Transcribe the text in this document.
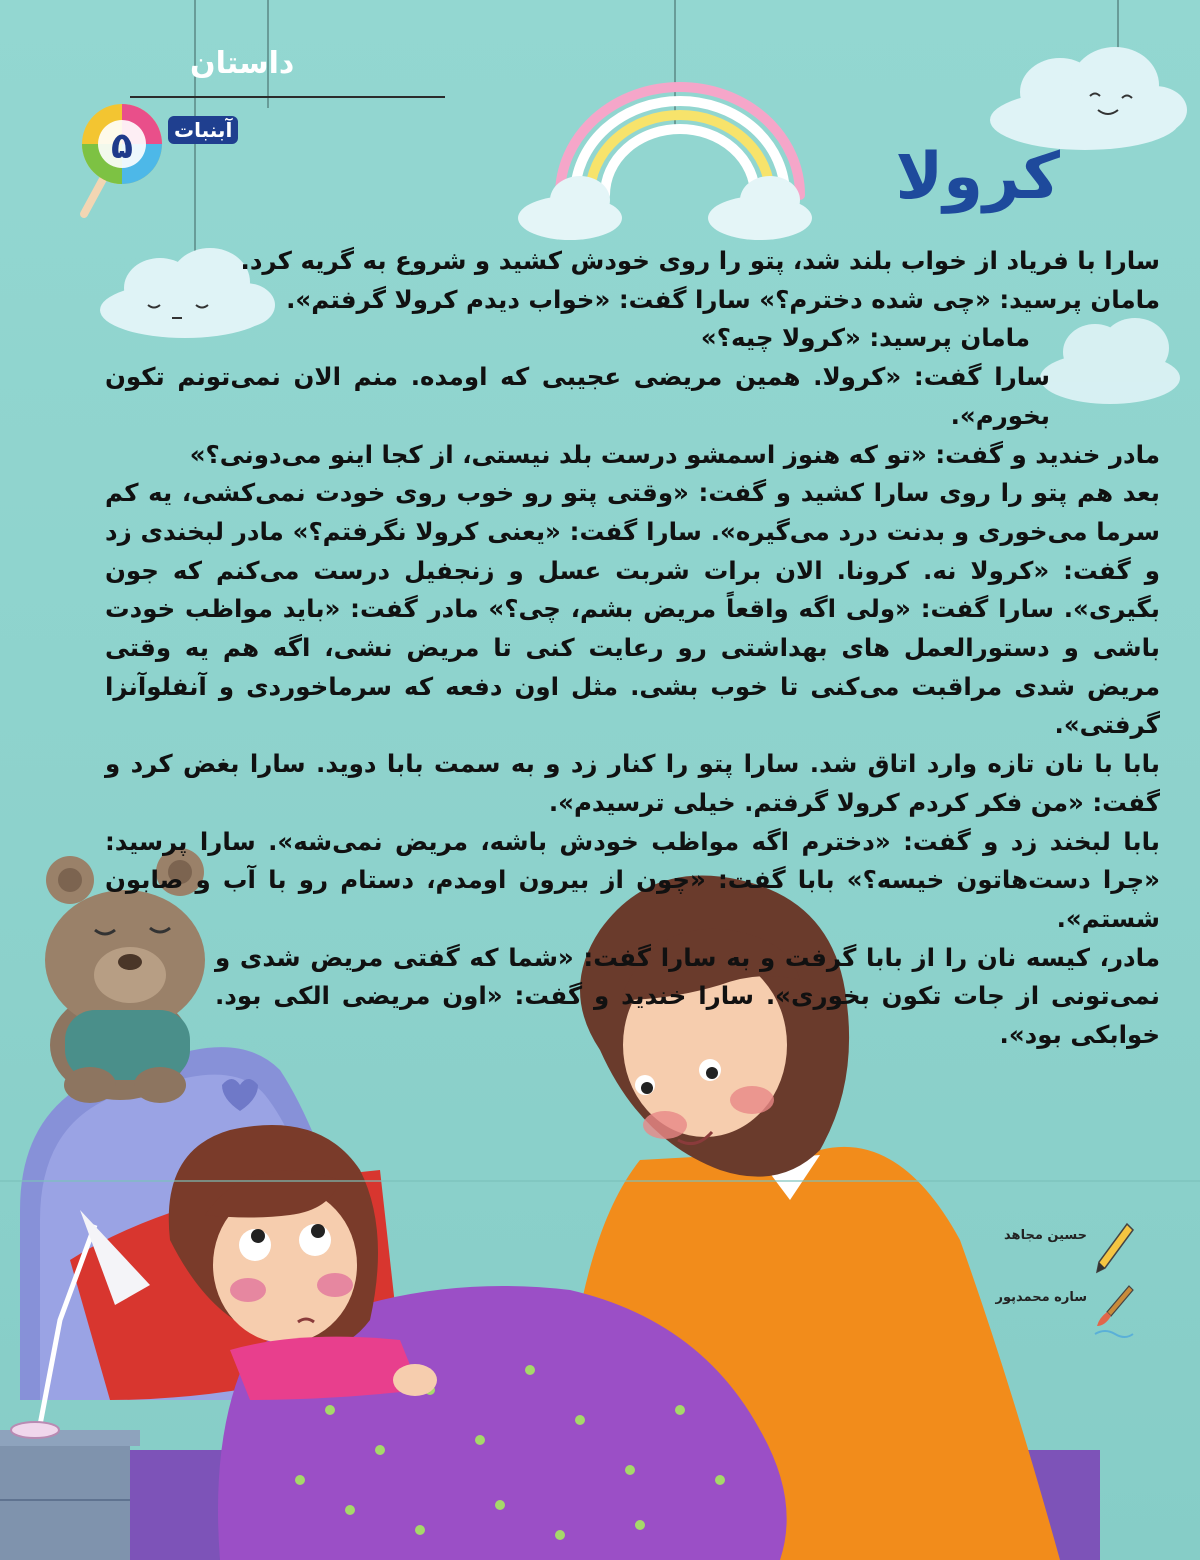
داستان
۵	آبنبات
کرولا

سارا با فریاد از خواب بلند شد، پتو را روی خودش کشید و شروع به گریه کرد.

مامان پرسید: «چی شده دخترم؟» سارا گفت: «خواب دیدم کرولا گرفتم».

مامان پرسید: «کرولا چیه؟»

سارا گفت: «کرولا. همین مریضی عجیبی که اومده. منم الان نمی‌تونم تکون بخورم».

مادر خندید و گفت: «تو که هنوز اسمشو درست بلد نیستی، از کجا اینو می‌دونی؟»

بعد هم پتو را روی سارا کشید و گفت: «وقتی پتو رو خوب روی خودت نمی‌کشی، یه کم سرما می‌خوری و بدنت درد می‌گیره». سارا گفت: «یعنی کرولا نگرفتم؟» مادر لبخندی زد و گفت: «کرولا نه. کرونا. الان برات شربت عسل و زنجفیل درست می‌کنم که جون بگیری». سارا گفت: «ولی اگه واقعاً مریض بشم، چی؟» مادر گفت: «باید مواظب خودت باشی و دستورالعمل های بهداشتی رو رعایت کنی تا مریض نشی، اگه هم یه وقتی مریض شدی مراقبت می‌کنی تا خوب بشی. مثل اون دفعه که سرماخوردی و آنفلوآنزا گرفتی».

بابا با نان تازه وارد اتاق شد. سارا پتو را کنار زد و به سمت بابا دوید. سارا بغض کرد و گفت: «من فکر کردم کرولا گرفتم. خیلی ترسیدم».

بابا لبخند زد و گفت: «دخترم اگه مواظب خودش باشه، مریض نمی‌شه». سارا پرسید: «چرا دست‌هاتون خیسه؟» بابا گفت: «چون از بیرون اومدم، دستام رو با آب و صابون شستم».

مادر، کیسه نان را از بابا گرفت و به سارا گفت: «شما که گفتی مریض شدی و نمی‌تونی از جات تکون بخوری». سارا خندید و گفت: «اون مریضی الکی بود. خوابکی بود».

حسین مجاهد
ساره محمدپور
